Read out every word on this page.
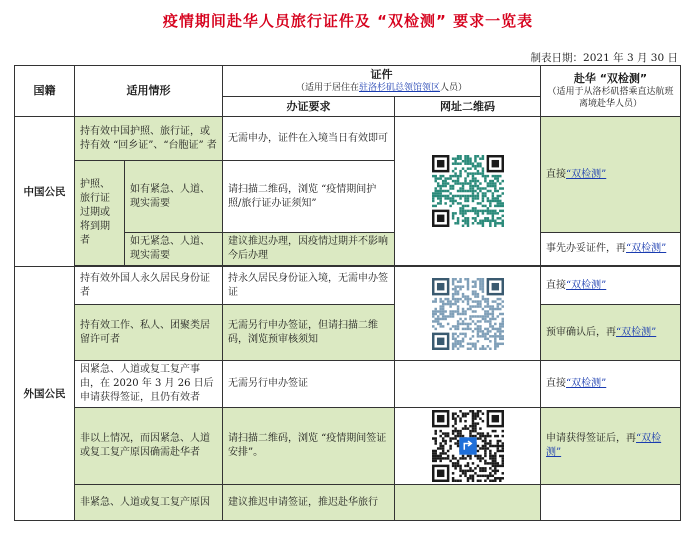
疫情期间赴华人员旅行证件及 “双检测” 要求一览表
制表日期：2021 年 3 月 30 日
国籍	适用情形		证件
（适用于居住在驻洛杉矶总领馆领区人员）		赴华 “双检测”
（适用于从洛杉矶搭乘直达航班离境赴华人员）

			办证要求	网址二维码	
中国公民	持有效中国护照、旅行证，或持有效 “回乡证”、“台胞证” 者		无需申办，证件在入境当日有效即可		直接“双检测”
	护照、旅行证过期或将到期者	如有紧急、人道、现实需要	请扫描二维码，浏览 “疫情期间护照/旅行证办证须知”		
		如无紧急、人道、现实需要	建议推迟办理，因疫情过期并不影响今后办理		事先办妥证件，再“双检测”

外国公民	持有效外国人永久居民身份证者		持永久居民身份证入境，无需申办签证		直接“双检测”
	持有效工作、私人、团聚类居留许可者		无需另行申办签证，但请扫描二维码，浏览预审核须知		预审确认后，再“双检测”
	因紧急、人道或复工复产事由，在 2020 年 3 月 26 日后申请获得签证，且仍有效者		无需另行申办签证		直接“双检测”
	非以上情况，而因紧急、人道或复工复产原因确需赴华者		请扫描二维码，浏览 “疫情期间签证安排”。		申请获得签证后，再“双检测”
	非紧急、人道或复工复产原因		建议推迟申请签证，推迟赴华旅行		
